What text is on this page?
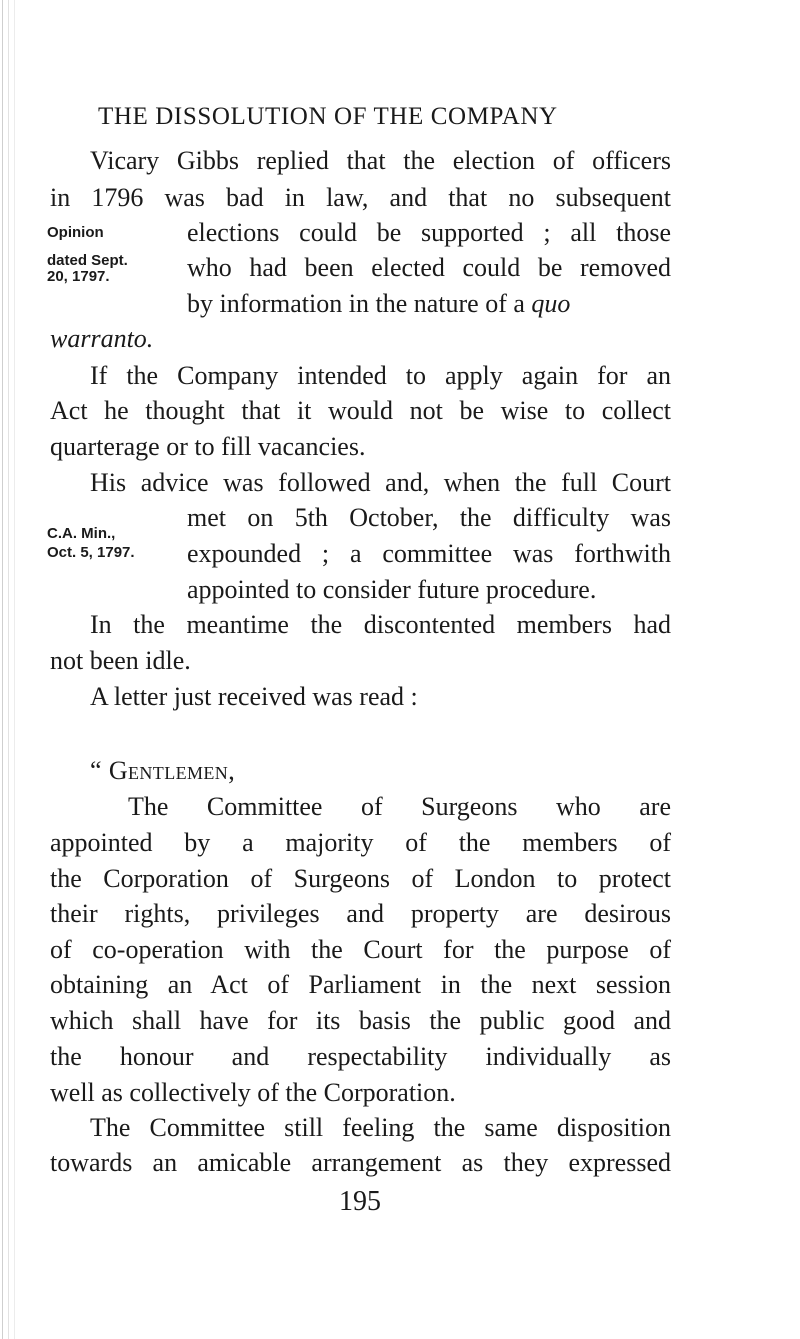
THE DISSOLUTION OF THE COMPANY
Vicary Gibbs replied that the election of officers
in 1796 was bad in law, and that no subsequent
elections could be supported ; all those
who had been elected could be removed
by information in the nature of a quo
warranto.
Opinion
dated Sept.
20, 1797.
If the Company intended to apply again for an
Act he thought that it would not be wise to collect
quarterage or to fill vacancies.
His advice was followed and, when the full Court
met on 5th October, the difficulty was
expounded ; a committee was forthwith
appointed to consider future procedure.
C.A. Min.,
Oct. 5, 1797.
In the meantime the discontented members had
not been idle.
A letter just received was read :
“ Gentlemen,
The Committee of Surgeons who are
appointed by a majority of the members of
the Corporation of Surgeons of London to protect
their rights, privileges and property are desirous
of co-operation with the Court for the purpose of
obtaining an Act of Parliament in the next session
which shall have for its basis the public good and
the honour and respectability individually as
well as collectively of the Corporation.
The Committee still feeling the same disposition
towards an amicable arrangement as they expressed
195
